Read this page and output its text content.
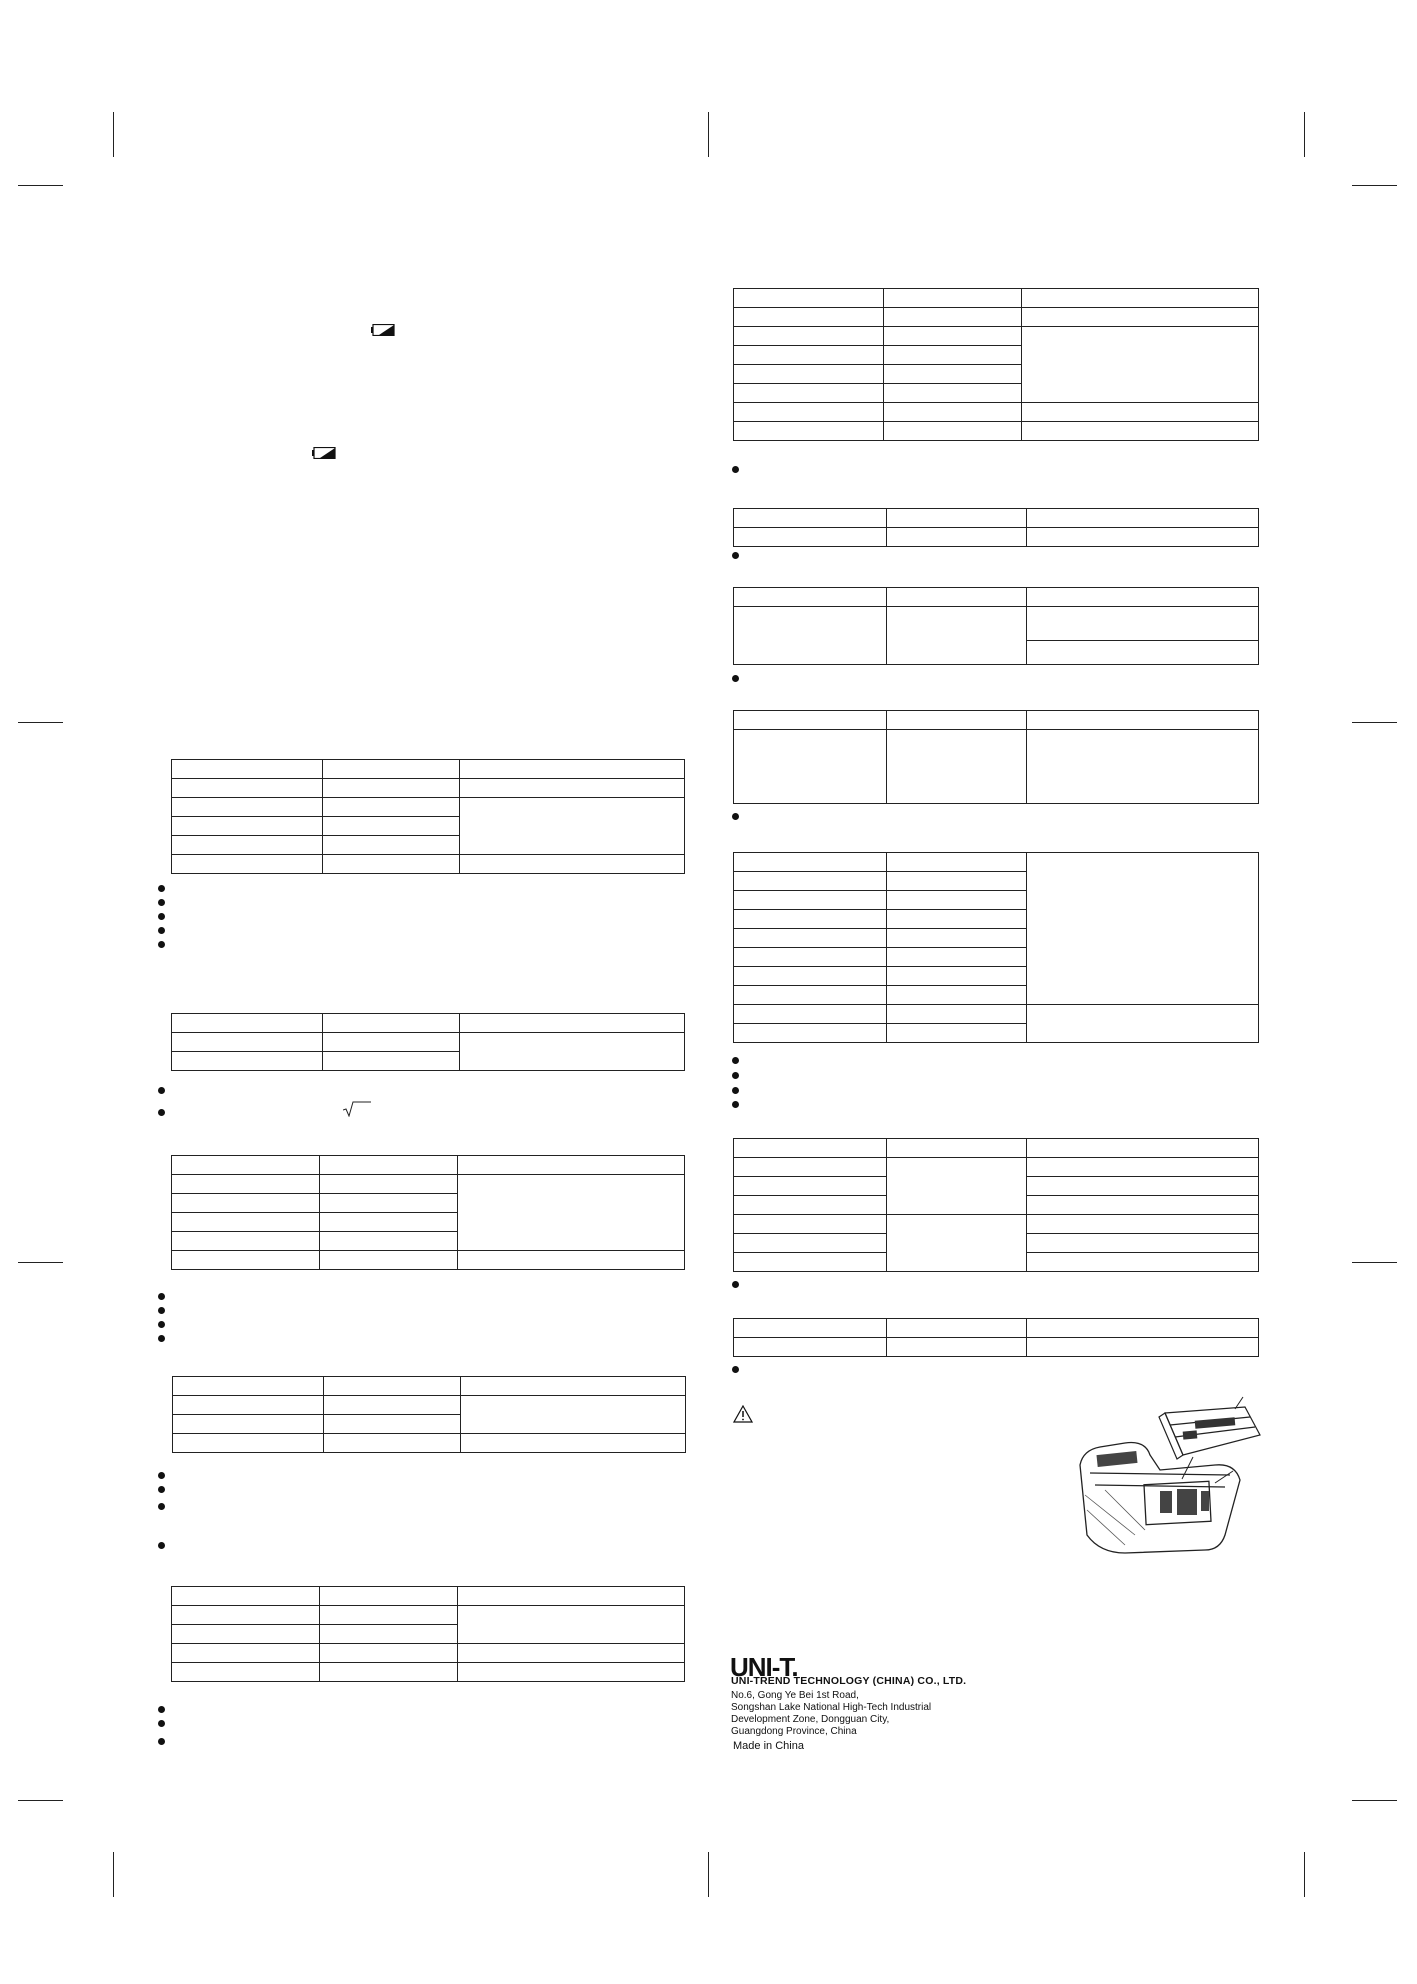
UNI-T.
UNI-TREND TECHNOLOGY (CHINA) CO., LTD.
No.6, Gong Ye Bei 1st Road,
Songshan Lake National High-Tech Industrial
Development Zone, Dongguan City,
Guangdong Province, China
Made in China
